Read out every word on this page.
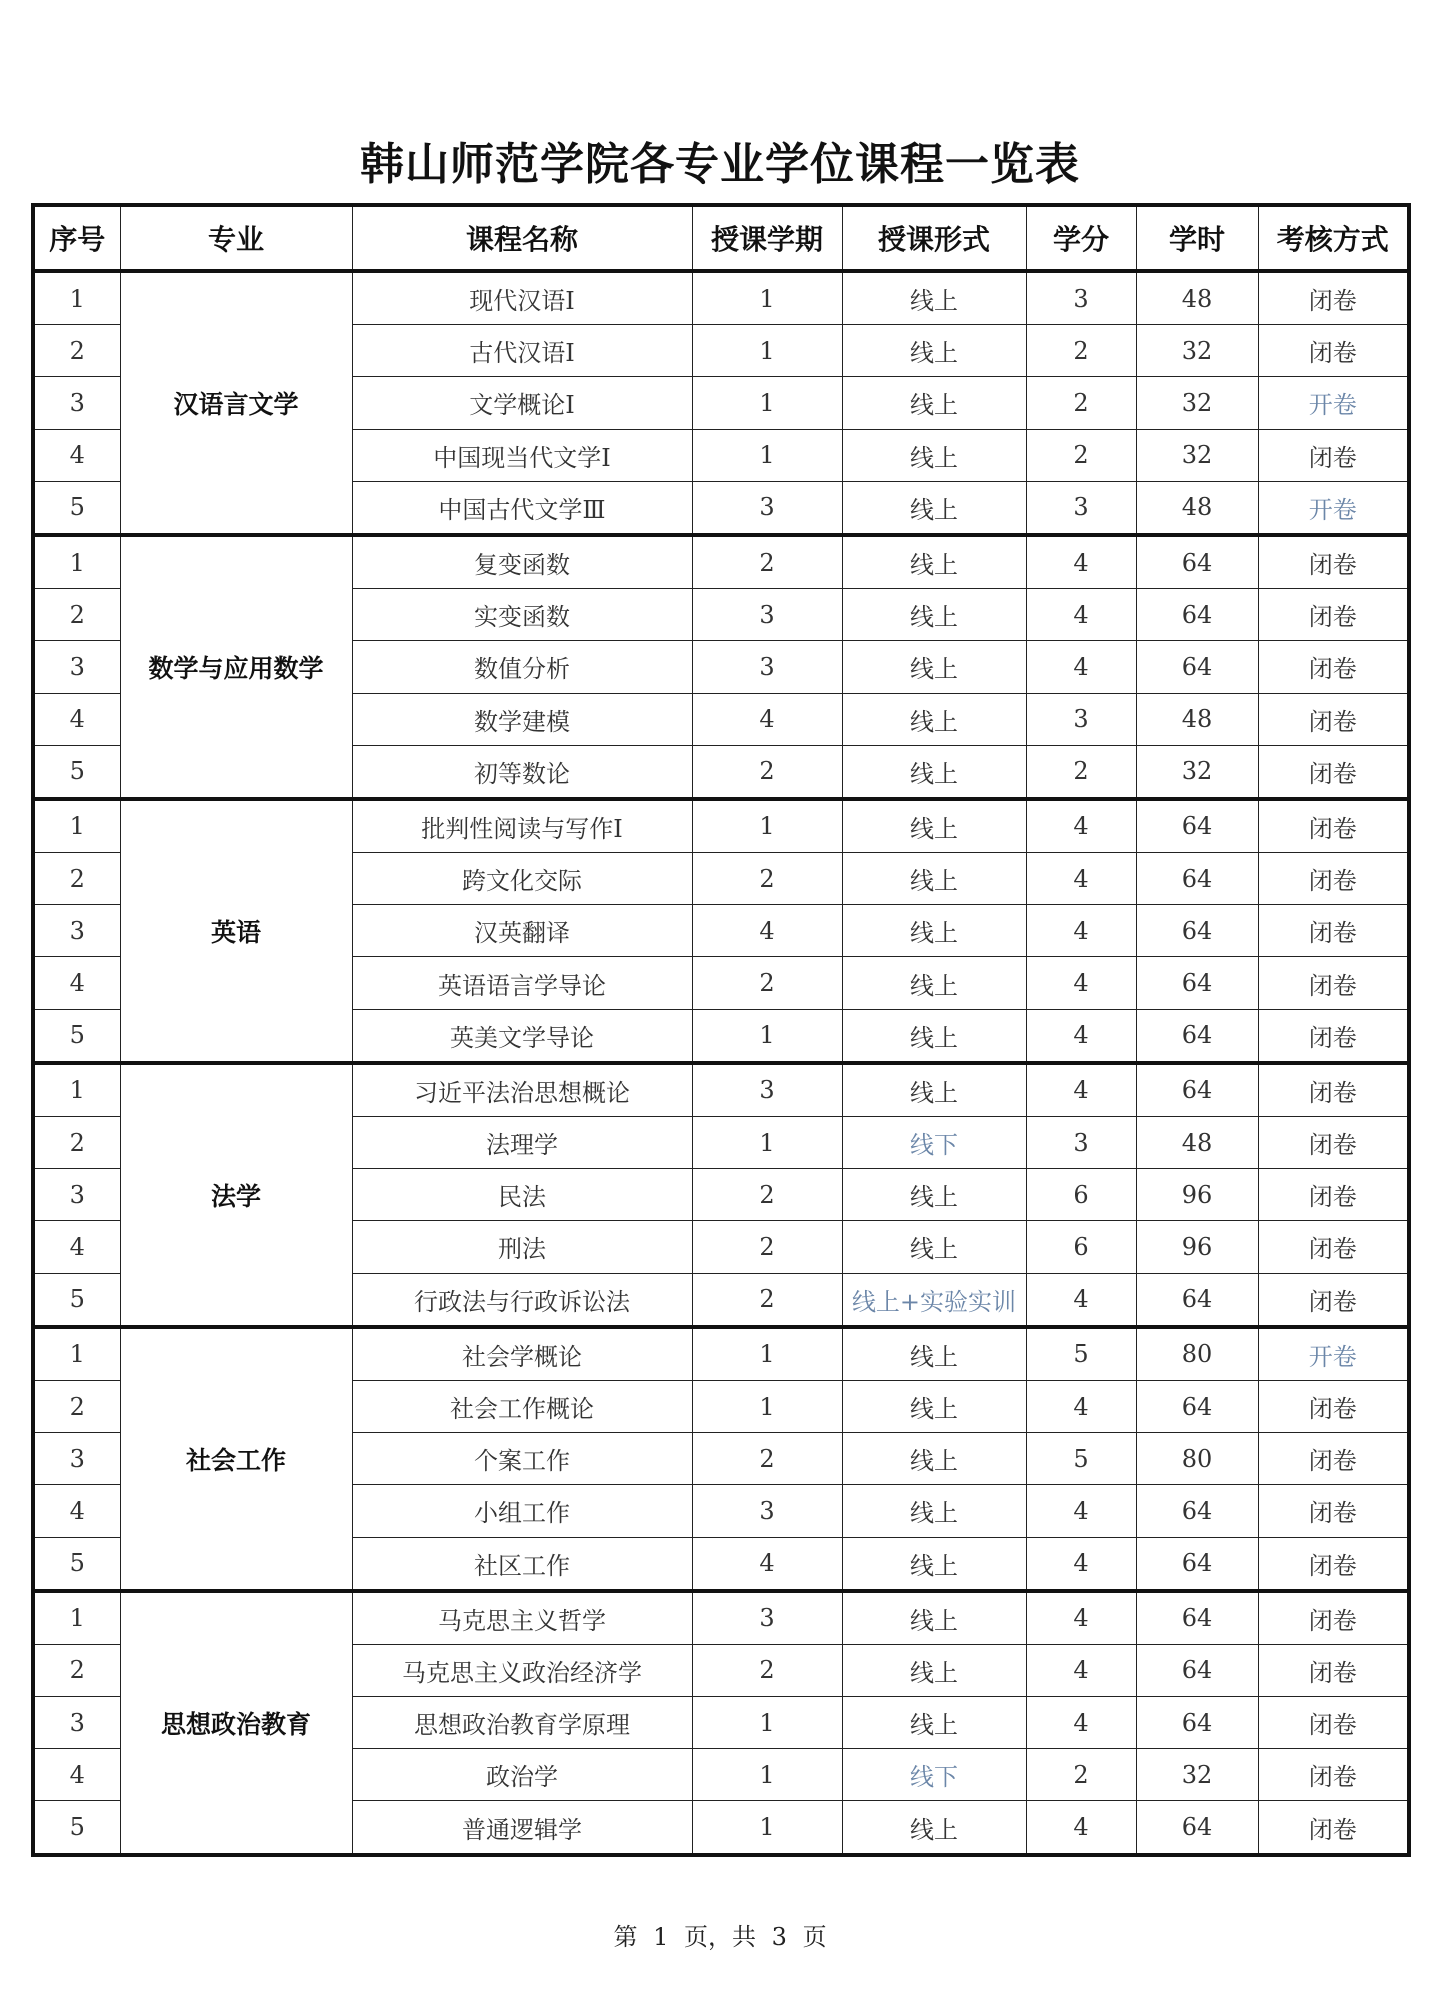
韩山师范学院各专业学位课程一览表
序号	专业	课程名称	授课学期	授课形式	学分	学时	考核方式
1	汉语言文学	现代汉语Ⅰ	1	线上	3	48	闭卷
2		古代汉语Ⅰ	1	线上	2	32	闭卷
3		文学概论Ⅰ	1	线上	2	32	开卷
4		中国现当代文学Ⅰ	1	线上	2	32	闭卷
5		中国古代文学Ⅲ	3	线上	3	48	开卷
1	数学与应用数学	复变函数	2	线上	4	64	闭卷
2		实变函数	3	线上	4	64	闭卷
3		数值分析	3	线上	4	64	闭卷
4		数学建模	4	线上	3	48	闭卷
5		初等数论	2	线上	2	32	闭卷
1	英语	批判性阅读与写作Ⅰ	1	线上	4	64	闭卷
2		跨文化交际	2	线上	4	64	闭卷
3		汉英翻译	4	线上	4	64	闭卷
4		英语语言学导论	2	线上	4	64	闭卷
5		英美文学导论	1	线上	4	64	闭卷
1	法学	习近平法治思想概论	3	线上	4	64	闭卷
2		法理学	1	线下	3	48	闭卷
3		民法	2	线上	6	96	闭卷
4		刑法	2	线上	6	96	闭卷
5		行政法与行政诉讼法	2	线上+实验实训	4	64	闭卷
1	社会工作	社会学概论	1	线上	5	80	开卷
2		社会工作概论	1	线上	4	64	闭卷
3		个案工作	2	线上	5	80	闭卷
4		小组工作	3	线上	4	64	闭卷
5		社区工作	4	线上	4	64	闭卷
1	思想政治教育	马克思主义哲学	3	线上	4	64	闭卷
2		马克思主义政治经济学	2	线上	4	64	闭卷
3		思想政治教育学原理	1	线上	4	64	闭卷
4		政治学	1	线下	2	32	闭卷
5		普通逻辑学	1	线上	4	64	闭卷
第 1 页，共 3 页
